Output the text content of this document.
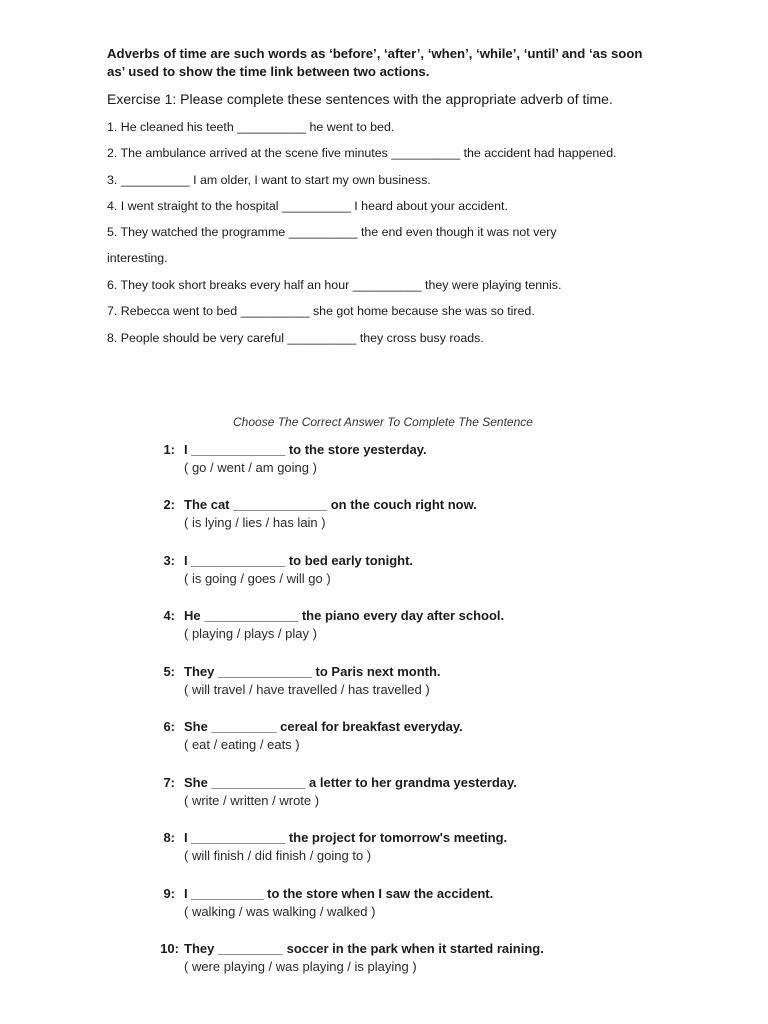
Adverbs of time are such words as ‘before’, ‘after’, ‘when’, ‘while’, ‘until’ and ‘as soon as’ used to show the time link between two actions.

Exercise 1: Please complete these sentences with the appropriate adverb of time.
1. He cleaned his teeth __________ he went to bed.
2. The ambulance arrived at the scene five minutes __________ the accident had happened.
3. __________ I am older, I want to start my own business.
4. I went straight to the hospital __________ I heard about your accident.
5. They watched the programme __________ the end even though it was not very
interesting.
6. They took short breaks every half an hour __________ they were playing tennis.
7. Rebecca went to bed __________ she got home because she was so tired.
8. People should be very careful __________ they cross busy roads.
Choose The Correct Answer To Complete The Sentence
1: I _____________ to the store yesterday.
( go / went / am going )
2: The cat _____________ on the couch right now.
( is lying / lies / has lain )
3: I _____________ to bed early tonight.
( is going / goes / will go )
4: He _____________ the piano every day after school.
( playing / plays / play )
5: They _____________ to Paris next month.
( will travel / have travelled / has travelled )
6: She _________ cereal for breakfast everyday.
( eat / eating / eats )
7: She _____________ a letter to her grandma yesterday.
( write / written / wrote )
8: I _____________ the project for tomorrow's meeting.
( will finish / did finish / going to )
9: I __________ to the store when I saw the accident.
( walking / was walking / walked )
10: They _________ soccer in the park when it started raining.
( were playing / was playing / is playing )
